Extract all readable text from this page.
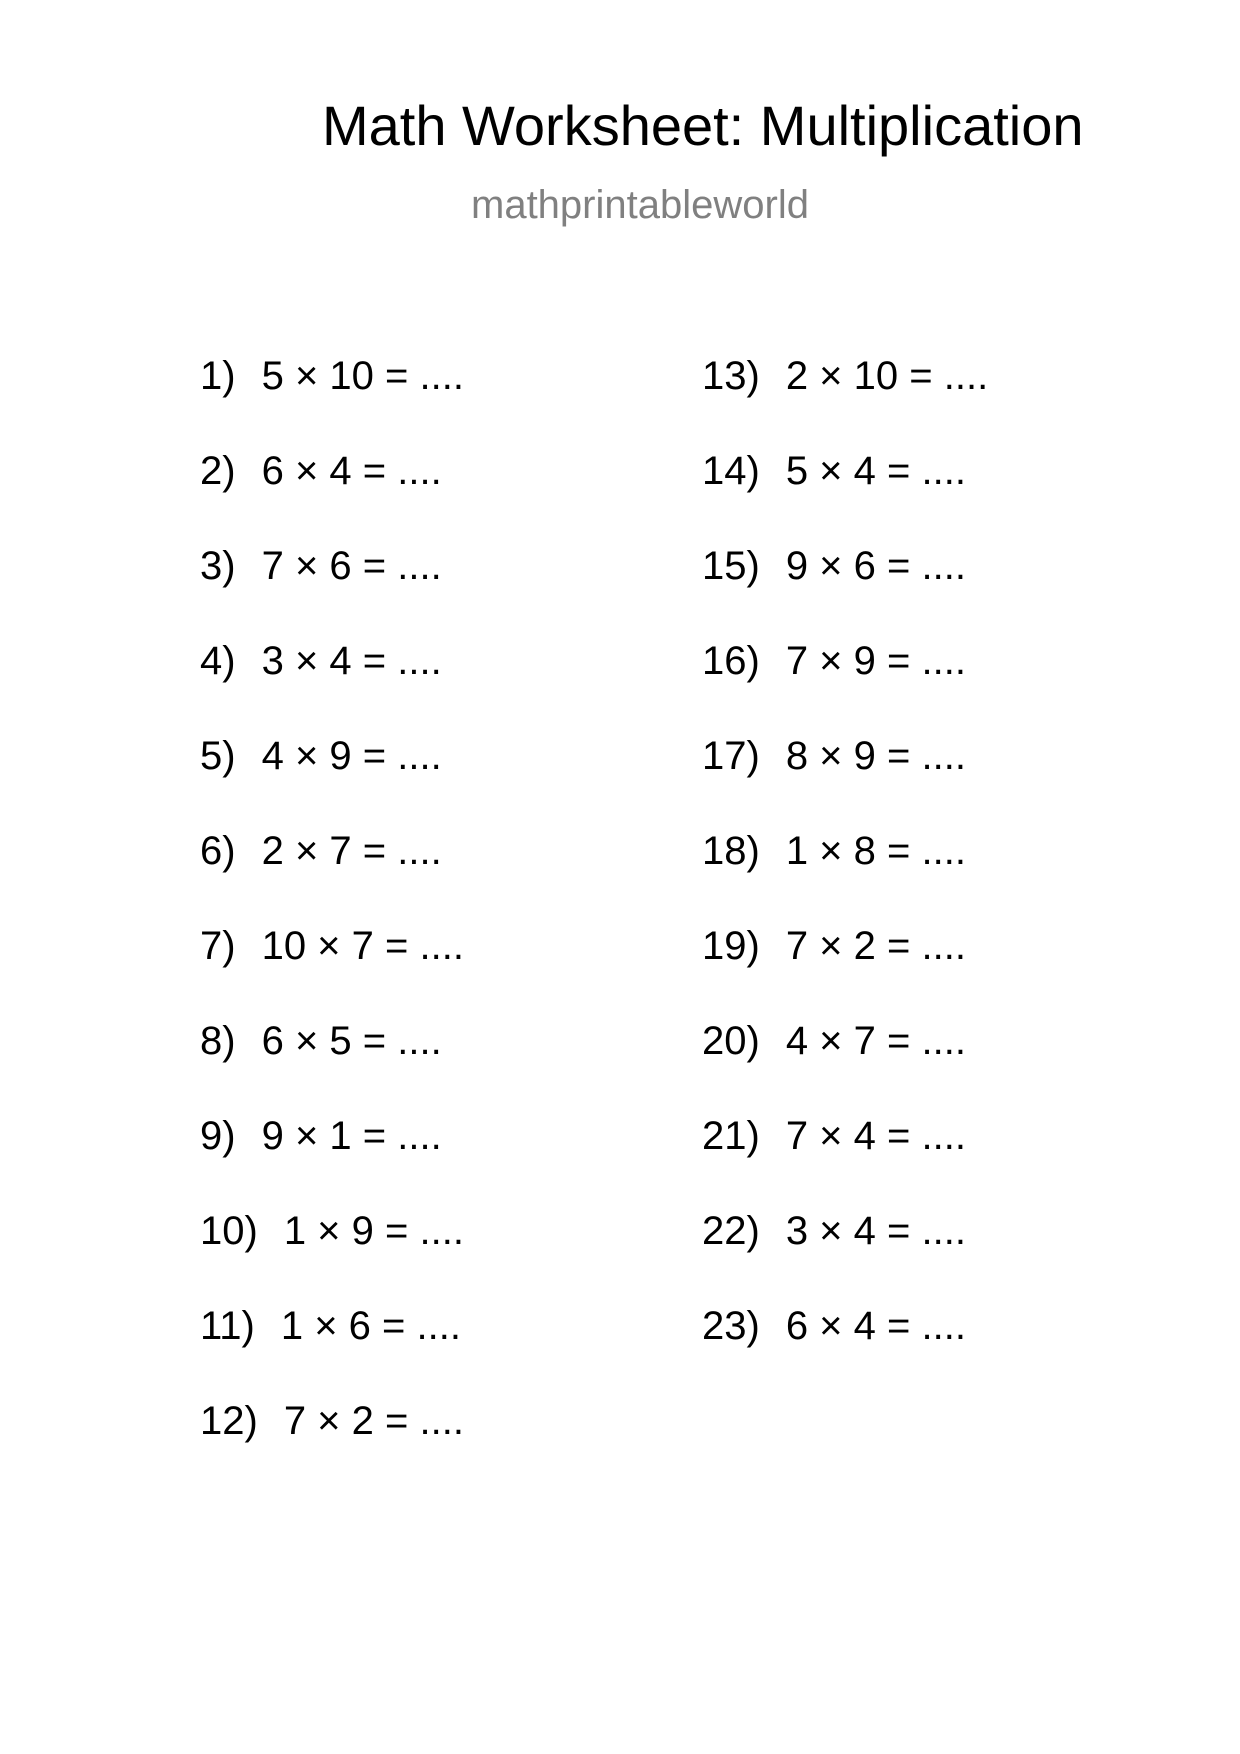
Math Worksheet: Multiplication
mathprintableworld
1) 5 × 10 = ....
2) 6 × 4 = ....
3) 7 × 6 = ....
4) 3 × 4 = ....
5) 4 × 9 = ....
6) 2 × 7 = ....
7) 10 × 7 = ....
8) 6 × 5 = ....
9) 9 × 1 = ....
10) 1 × 9 = ....
11) 1 × 6 = ....
12) 7 × 2 = ....
13) 2 × 10 = ....
14) 5 × 4 = ....
15) 9 × 6 = ....
16) 7 × 9 = ....
17) 8 × 9 = ....
18) 1 × 8 = ....
19) 7 × 2 = ....
20) 4 × 7 = ....
21) 7 × 4 = ....
22) 3 × 4 = ....
23) 6 × 4 = ....
